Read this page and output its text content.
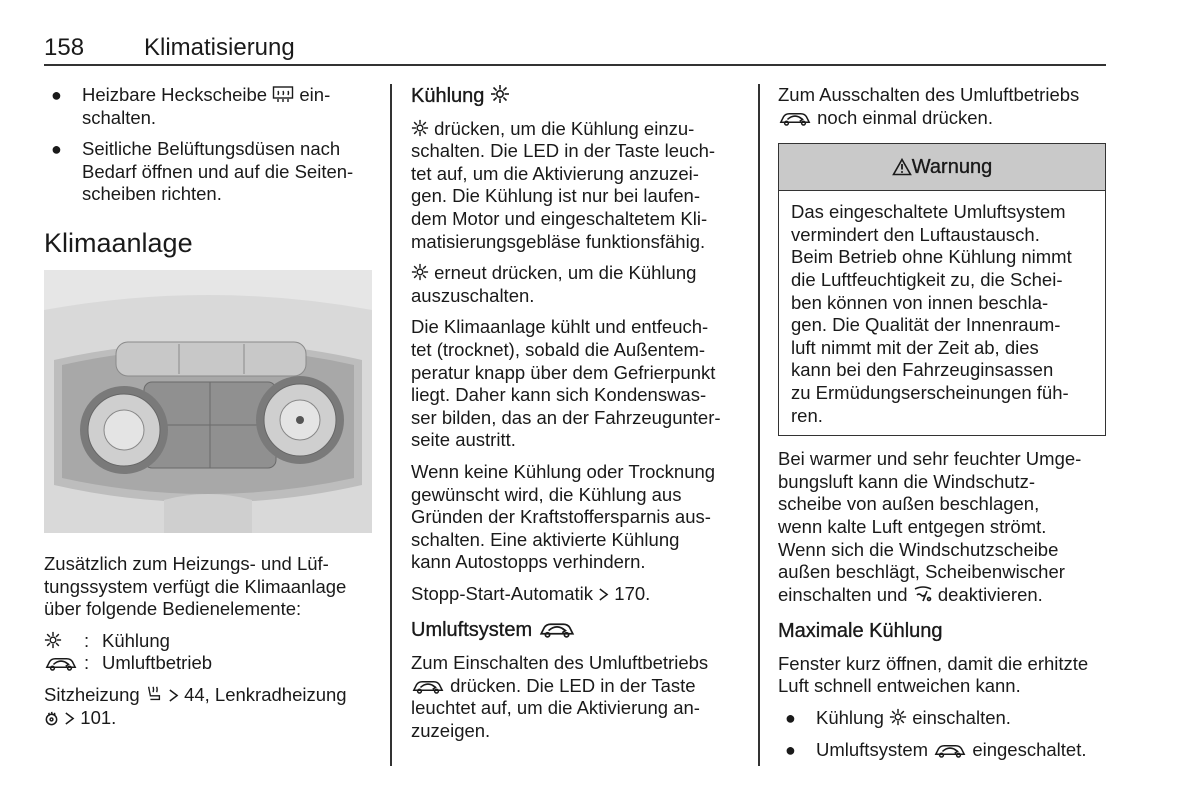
158 Klimatisierung
● Heizbare Heckscheibe ein-
schalten.
● Seitliche Belüftungsdüsen nach
Bedarf öffnen und auf die Seiten-
scheiben richten.
Klimaanlage

Zusätzlich zum Heizungs- und Lüf-
tungssystem verfügt die Klimaanlage
über folgende Bedienelemente:

: Kühlung
: Umluftbetrieb

Sitzheizung 44, Lenkradheizung
101.

Kühlung

drücken, um die Kühlung einzu-
schalten. Die LED in der Taste leuch-
tet auf, um die Aktivierung anzuzei-
gen. Die Kühlung ist nur bei laufen-
dem Motor und eingeschaltetem Kli-
matisierungsgebläse funktionsfähig.

erneut drücken, um die Kühlung
auszuschalten.

Die Klimaanlage kühlt und entfeuch-
tet (trocknet), sobald die Außentem-
peratur knapp über dem Gefrierpunkt
liegt. Daher kann sich Kondenswas-
ser bilden, das an der Fahrzeugunter-
seite austritt.

Wenn keine Kühlung oder Trocknung
gewünscht wird, die Kühlung aus
Gründen der Kraftstoffersparnis aus-
schalten. Eine aktivierte Kühlung
kann Autostopps verhindern.

Stopp-Start-Automatik 170.

Umluftsystem

Zum Einschalten des Umluftbetriebs
drücken. Die LED in der Taste
leuchtet auf, um die Aktivierung an-
zuzeigen.

Zum Ausschalten des Umluftbetriebs
noch einmal drücken.

Warnung
Das eingeschaltete Umluftsystem
vermindert den Luftaustausch.
Beim Betrieb ohne Kühlung nimmt
die Luftfeuchtigkeit zu, die Schei-
ben können von innen beschla-
gen. Die Qualität der Innenraum-
luft nimmt mit der Zeit ab, dies
kann bei den Fahrzeuginsassen
zu Ermüdungserscheinungen füh-
ren.

Bei warmer und sehr feuchter Umge-
bungsluft kann die Windschutz-
scheibe von außen beschlagen,
wenn kalte Luft entgegen strömt.
Wenn sich die Windschutzscheibe
außen beschlägt, Scheibenwischer
einschalten und deaktivieren.

Maximale Kühlung

Fenster kurz öffnen, damit die erhitzte
Luft schnell entweichen kann.

● Kühlung einschalten.
● Umluftsystem eingeschaltet.
